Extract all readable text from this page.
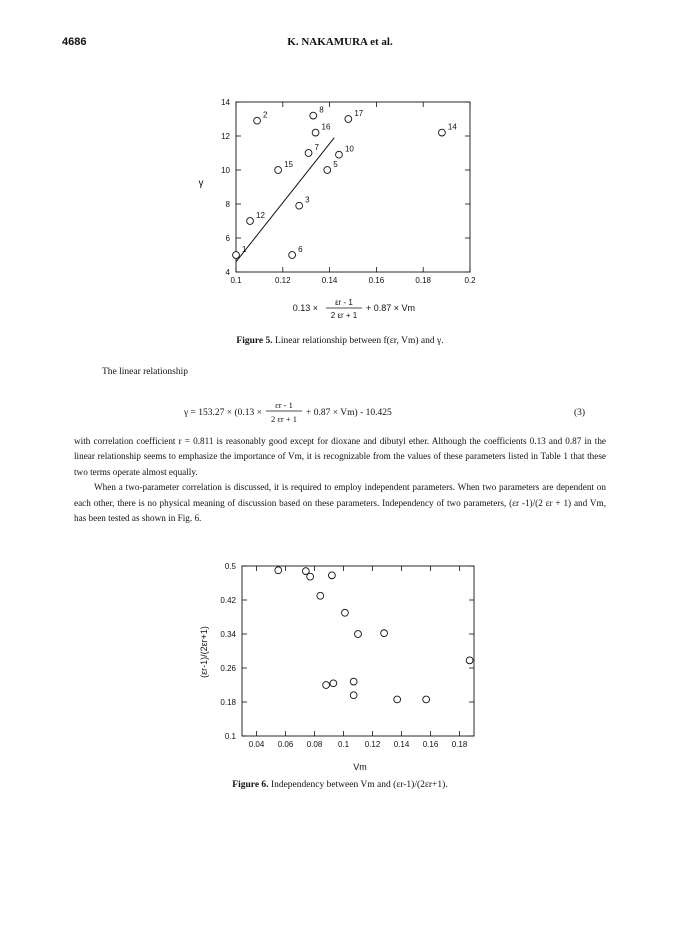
4686	K. NAKAMURA et al.
0.1	0.12	0.14	0.16	0.18	0.2
4
6
8
10
12
14
1
2
3
5
6
7
8
10
12
14
15
16
17
γ
0.13 ×
εr - 1
2 εr + 1
+ 0.87 × Vm
Figure 5. Linear relationship between f(εr, Vm) and γ.
The linear relationship
γ = 153.27 × (0.13 ×
εr - 1
2 εr + 1
+ 0.87 × Vm) - 10.425	(3)

with correlation coefficient r = 0.811 is reasonably good except for dioxane and dibutyl ether. Although the coefficients 0.13 and 0.87 in the linear relationship seems to emphasize the importance of Vm, it is recognizable from the values of these parameters listed in Table 1 that these two terms operate almost equally.

When a two-parameter correlation is discussed, it is required to employ independent parameters. When two parameters are dependent on each other, there is no physical meaning of discussion based on these parameters. Independency of two parameters, (εr -1)/(2 εr + 1) and Vm, has been tested as shown in Fig. 6.

0.04 0.06 0.08 0.1 0.12 0.14 0.16 0.18
0.1
0.18
0.26
0.34
0.42
0.5
(εr-1)/(2εr+1)
Vm
Figure 6. Independency between Vm and (εr-1)/(2εr+1).
